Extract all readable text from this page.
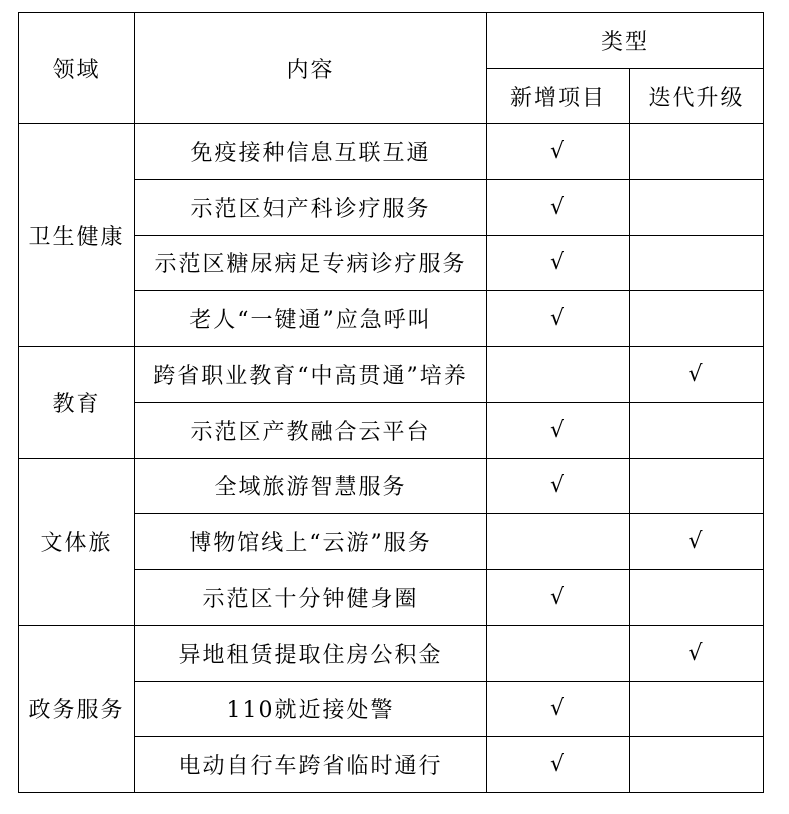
领域	内容	类型	
		新增项目	迭代升级
卫生健康	免疫接种信息互联互通	√	
	示范区妇产科诊疗服务	√	
	示范区糖尿病足专病诊疗服务	√	
	老人“一键通”应急呼叫	√	
教育	跨省职业教育“中高贯通”培养		√
	示范区产教融合云平台	√	
文体旅	全域旅游智慧服务	√	
	博物馆线上“云游”服务		√
	示范区十分钟健身圈	√	
政务服务	异地租赁提取住房公积金		√
	110就近接处警	√	
	电动自行车跨省临时通行	√	
